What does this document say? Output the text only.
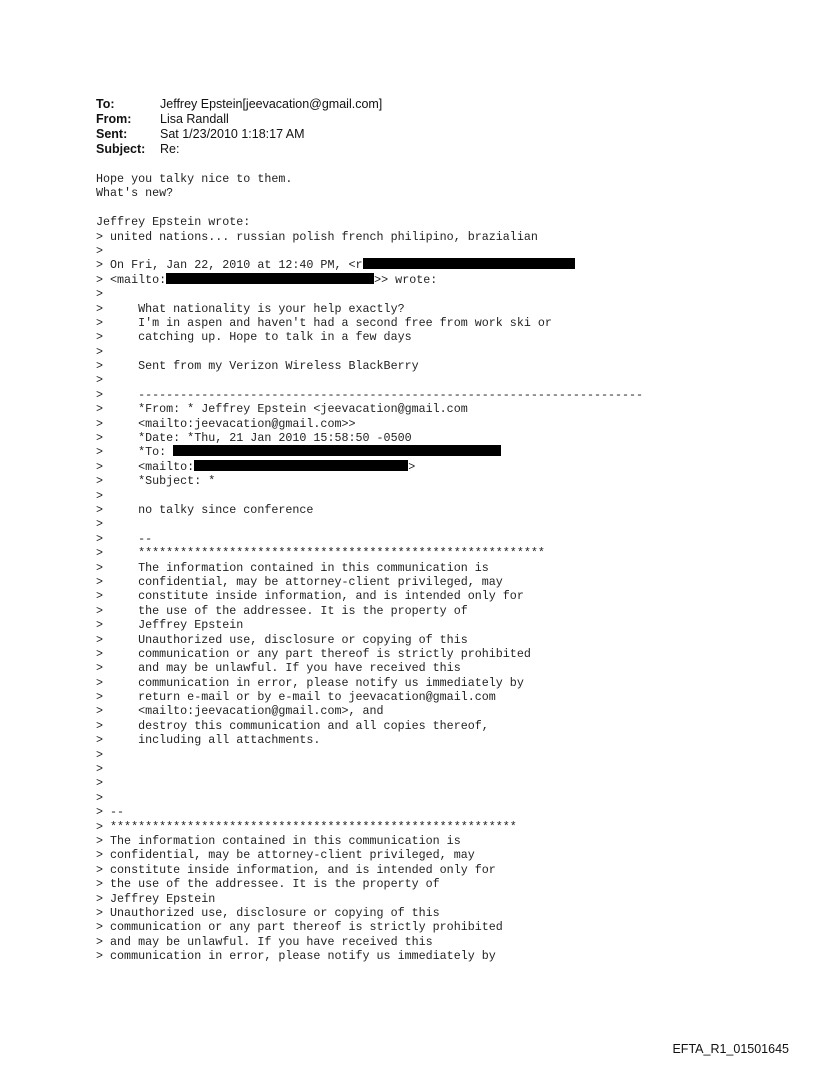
To:	Jeffrey Epstein[jeevacation@gmail.com]
From: Lisa Randall
Sent:	Sat 1/23/2010 1:18:17 AM
Subject: Re:
Hope you talky nice to them.
What's new?
Jeffrey Epstein wrote:
> united nations... russian polish french philipino, brazialian
>
> On Fri, Jan 22, 2010 at 12:40 PM, <r
> <mailto:	>> wrote:
>
>     What nationality is your help exactly?
>     I'm in aspen and haven't had a second free from work ski or
>     catching up. Hope to talk in a few days
>
>     Sent from my Verizon Wireless BlackBerry
>
>     ------------------------------------------------------------------------
>     *From: * Jeffrey Epstein <jeevacation@gmail.com
>     <mailto:jeevacation@gmail.com>>
>     *Date: *Thu, 21 Jan 2010 15:58:50 -0500
>     *To:
>     <mailto:	>
>     *Subject: *
>
>     no talky since conference
>
>     --
>     **********************************************************
>     The information contained in this communication is
>     confidential, may be attorney-client privileged, may
>     constitute inside information, and is intended only for
>     the use of the addressee. It is the property of
>     Jeffrey Epstein
>     Unauthorized use, disclosure or copying of this
>     communication or any part thereof is strictly prohibited
>     and may be unlawful. If you have received this
>     communication in error, please notify us immediately by
>     return e-mail or by e-mail to jeevacation@gmail.com
>     <mailto:jeevacation@gmail.com>, and
>     destroy this communication and all copies thereof,
>     including all attachments.
>
>
>
>
> --
> **********************************************************
> The information contained in this communication is
> confidential, may be attorney-client privileged, may
> constitute inside information, and is intended only for
> the use of the addressee. It is the property of
> Jeffrey Epstein
> Unauthorized use, disclosure or copying of this
> communication or any part thereof is strictly prohibited
> and may be unlawful. If you have received this
> communication in error, please notify us immediately by
EFTA_R1_01501645
